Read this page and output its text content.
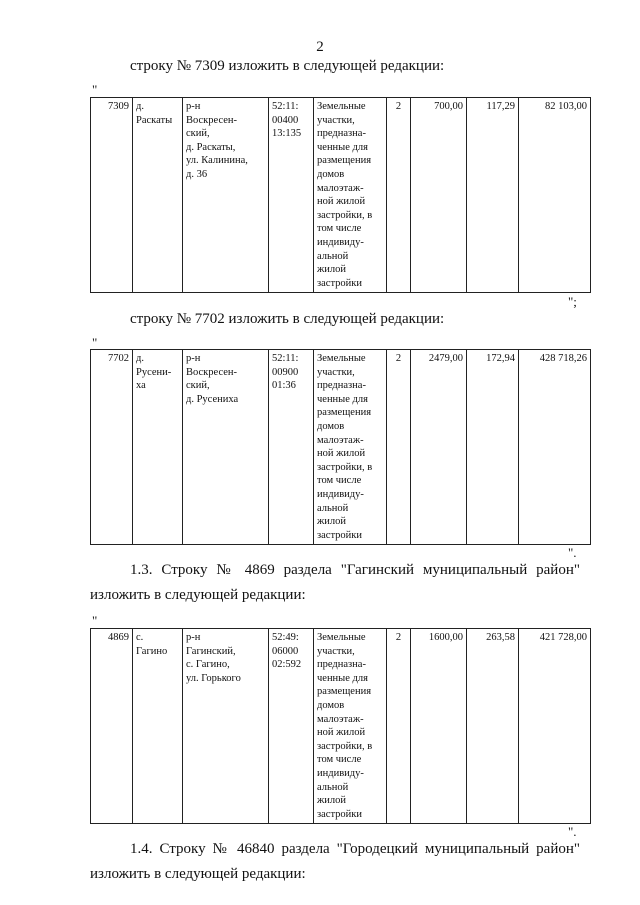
2
строку № 7309 изложить в следующей редакции:
"
7309	д.
Раскаты	р-н
Воскресен-
ский,
д. Раскаты,
ул. Калинина,
д. 36	52:11:
00400
13:135	Земельные
участки,
предназна-
ченные для
размещения
домов
малоэтаж-
ной жилой
застройки, в
том числе
индивиду-
альной
жилой
застройки	2	700,00	117,29	82 103,00
";
строку № 7702 изложить в следующей редакции:
"
7702	д.
Русени-
ха	р-н
Воскресен-
ский,
д. Русениха	52:11:
00900
01:36	Земельные
участки,
предназна-
ченные для
размещения
домов
малоэтаж-
ной жилой
застройки, в
том числе
индивиду-
альной
жилой
застройки	2	2479,00	172,94	428 718,26
".
1.3. Строку № 4869 раздела "Гагинский муниципальный район"
изложить в следующей редакции:
"
4869	с.
Гагино	р-н
Гагинский,
с. Гагино,
ул. Горького	52:49:
06000
02:592	Земельные
участки,
предназна-
ченные для
размещения
домов
малоэтаж-
ной жилой
застройки, в
том числе
индивиду-
альной
жилой
застройки	2	1600,00	263,58	421 728,00
".
1.4. Строку № 46840 раздела "Городецкий муниципальный район"
изложить в следующей редакции:
